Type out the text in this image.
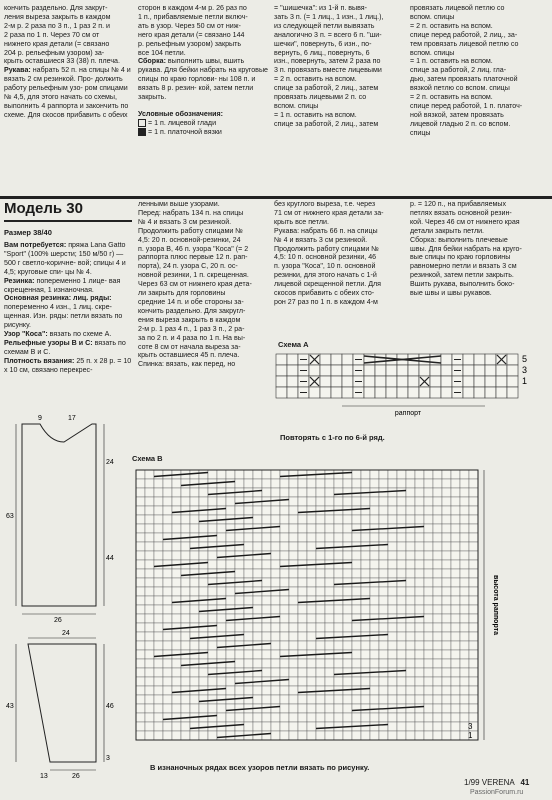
кончить раздельно. Для закруг-

ления выреза закрыть в каждом

2-м р. 2 раза по 3 п., 1 раз 2 п. и

2 раза по 1 п. Через 70 см от

нижнего края детали (= связано

204 р. рельефным узором) за-

крыть оставшиеся 33 (38) п. плеча.

Рукава: набрать 52 п. на спицы № 4 и вязать 2 см резинкой. Про- должить работу рельефным узо- ром спицами № 4,5, для этого начать со схемы, выполнить 4 раппорта и закончить по схеме. Для скосов прибавить с обеих

сторон в каждом 4-м р. 26 раз по

1 п., прибавляемые петли включ-

ать в узор. Через 50 см от ниж-

него края детали (= связано 144

р. рельефным узором) закрыть

все 104 петли.

Сборка: выполнить швы, вшить рукава. Для бейки набрать на круговые спицы по краю горлови- ны 108 п. и вязать 8 р. резин- кой, затем петли закрыть.

Условные обозначения:

= 1 п. лицевой глади

= 1 п. платочной вязки

= "шишечка": из 1-й п. вывя-

зать 3 п. (= 1 лиц., 1 изн., 1 лиц.),

из следующей петли вывязать

аналогично 3 п. = всего 6 п. "ши-

шечки", повернуть, 6 изн., по-

вернуть, 6 лиц., повернуть, 6

изн., повернуть, затем 2 раза по

3 п. провязать вместе лицевыми

= 2 п. оставить на вспом.

спице за работой, 2 лиц., затем

провязать лицевыми 2 п. со

вспом. спицы

= 1 п. оставить на вспом.

спице за работой, 2 лиц., затем

провязать лицевой петлю со

вспом. спицы

= 2 п. оставить на вспом.

спице перед работой, 2 лиц., за-

тем провязать лицевой петлю со

вспом. спицы

= 1 п. оставить на вспом.

спице за работой, 2 лиц. гла-

дью, затем провязать платочной

вязкой петлю со вспом. спицы

= 2 п. оставить на вспом.

спице перед работой, 1 п. платоч-

ной вязкой, затем провязать

лицевой гладью 2 п. со вспом.

спицы

Модель 30
Размер 38/40

Вам потребуется: пряжа Lana Gatto "Sport" (100% шерсти; 150 м/50 г) — 500 г светло-коричне- вой; спицы 4 и 4,5; круговые спи- цы № 4.

Резинка: попеременно 1 лице- вая скрещенная, 1 изнаночная.

Основная резинка: лиц. ряды: попеременно 4 изн., 1 лиц. скре- щенная. Изн. ряды: петли вязать по рисунку.

Узор "Коса": вязать по схеме А.

Рельефные узоры В и С: вязать по схемам В и С.

Плотность вязания: 25 п. x 28 р. = 10 x 10 см, связано перекрес-

ленными выше узорами.

Перед: набрать 134 п. на спицы

№ 4 и вязать 3 см резинкой.

Продолжить работу спицами №

4,5: 20 п. основной-резинки, 24

п. узора В, 46 п. узора "Коса" (= 2

раппорта плюс первые 12 п. рап-

порта), 24 п. узора С, 20 п. ос-

новной резинки, 1 п. скрещенная.

Через 63 см от нижнего края дета-

ли закрыть для горловины

средние 14 п. и обе стороны за-

кончить раздельно. Для закругл-

ения выреза закрыть в каждом

2-м р. 1 раз 4 п., 1 раз 3 п., 2 ра-

за по 2 п. и 4 раза по 1 п. На вы-

соте 8 см от начала выреза за-

крыть оставшиеся 45 п. плеча.

Спинка: вязать, как перед, но

без круглого выреза, т.е. через

71 см от нижнего края детали за-

крыть все петли.

Рукава: набрать 66 п. на спицы

№ 4 и вязать 3 см резинкой.

Продолжить работу спицами №

4,5: 10 п. основной резинки, 46

п. узора "Коса", 10 п. основной

резинки, для этого начать с 1-й

лицевой скрещенной петли. Для

скосов прибавить с обеих сто-

рон 27 раз по 1 п. в каждом 4-м

р. = 120 п., на прибавляемых

петлях вязать основной резин-

кой. Через 46 см от нижнего края

детали закрыть петли.

Сборка: выполнить плечевые

швы. Для бейки набрать на круго-

вые спицы по краю горловины

равномерно петли и вязать 3 см

резинкой, затем петли закрыть.

Вшить рукава, выполнить боко-

вые швы и швы рукавов.

9	17
24
63
44
26
24
43	46
3
13	26
Схема А
раппорт
5
3
1
Повторять с 1-го по 6-й ряд.
Схема В
высота раппорта
3
1
В изнаночных рядах всех узоров петли вязать по рисунку.
1/99 VERENA 41
PassionForum.ru
